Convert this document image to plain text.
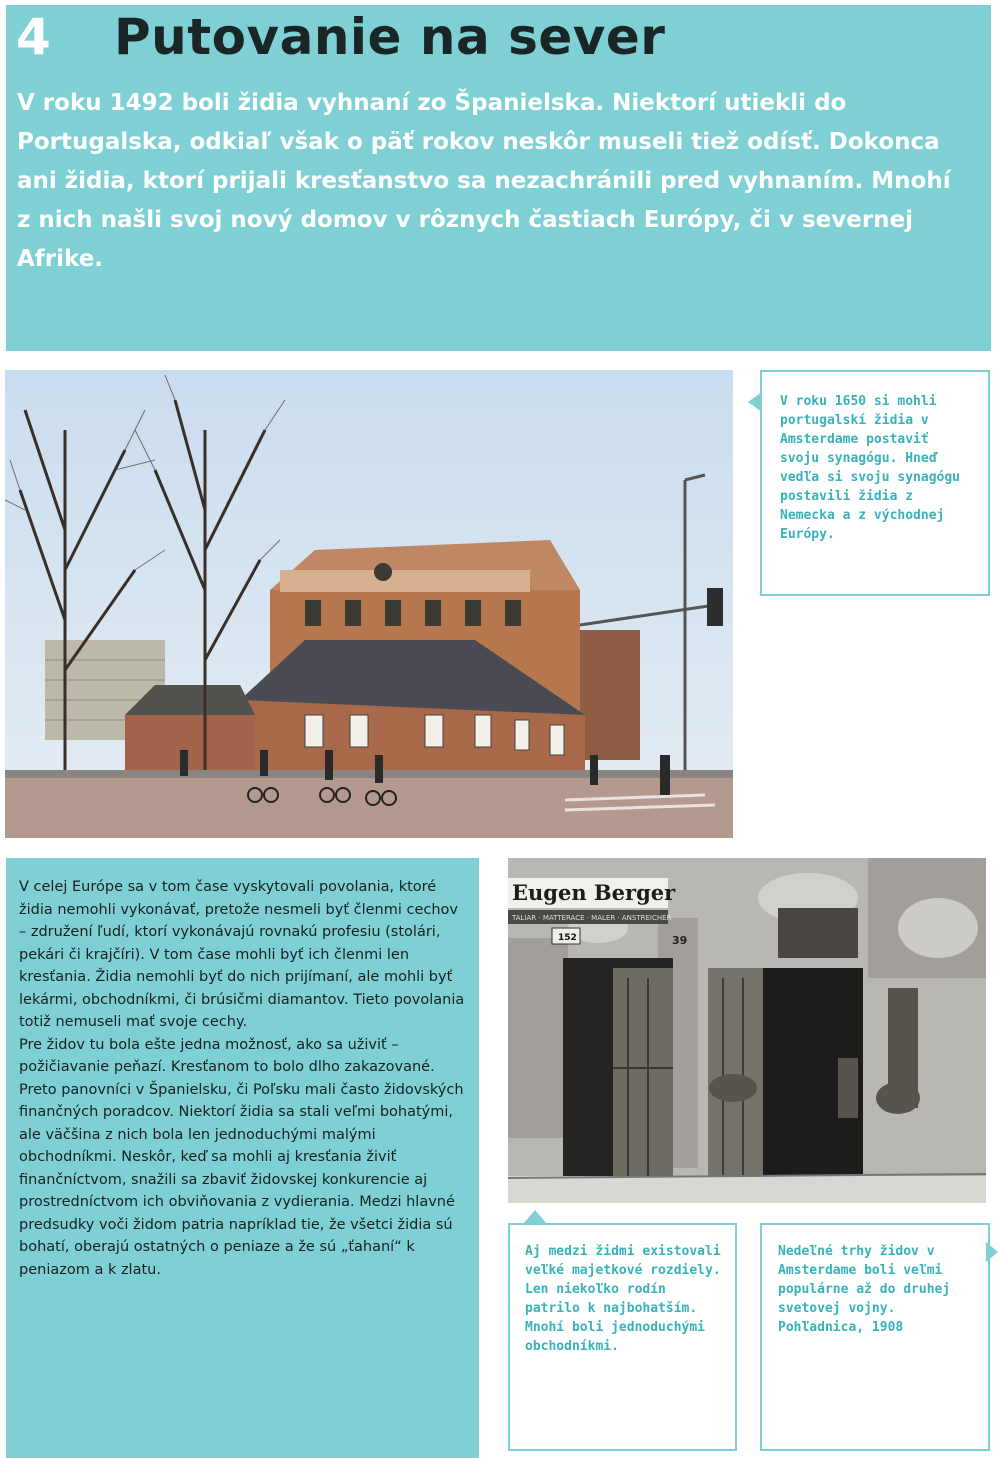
4 Putovanie na sever
V roku 1492 boli židia vyhnaní zo Španielska. Niektorí utiekli do Portugalska, odkiaľ však o päť rokov neskôr museli tiež odísť. Dokonca ani židia, ktorí prijali kresťanstvo sa nezachránili pred vyhnaním. Mnohí z nich našli svoj nový domov v rôznych častiach Európy, či v severnej Afrike.
V roku 1650 si mohli portugalskí židia v Amsterdame postaviť svoju synagógu. Hneď vedľa si svoju synagógu postavili židia z Nemecka a z východnej Európy.

V celej Európe sa v tom čase vyskytovali povolania, ktoré židia nemohli vykonávať, pretože nesmeli byť členmi cechov – združení ľudí, ktorí vykonávajú rovnakú profesiu (stolári, pekári či krajčíri). V tom čase mohli byť ich členmi len kresťania. Židia nemohli byť do nich prijímaní, ale mohli byť lekármi, obchodníkmi, či brúsičmi diamantov. Tieto povolania totiž nemuseli mať svoje cechy.

Pre židov tu bola ešte jedna možnosť, ako sa uživiť – požičiavanie peňazí. Kresťanom to bolo dlho zakazované. Preto panovníci v Španielsku, či Poľsku mali často židovských finančných poradcov. Niektorí židia sa stali veľmi bohatými, ale väčšina z nich bola len jednoduchými malými obchodníkmi. Neskôr, keď sa mohli aj kresťania živiť finančníctvom, snažili sa zbaviť židovskej konkurencie aj prostredníctvom ich obviňovania z vydierania. Medzi hlavné predsudky voči židom patria napríklad tie, že všetci židia sú bohatí, oberajú ostatných o peniaze a že sú „ťahaní“ k peniazom a k zlatu.

Eugen Berger
TALIAR · MATTERACE · MALER · ANSTREICHER
152	39
Aj medzi židmi existovali veľké majetkové rozdiely. Len niekoľko rodín patrilo k najbohatším. Mnohí boli jednoduchými obchodníkmi.
Nedeľné trhy židov v Amsterdame boli veľmi populárne až do druhej svetovej vojny. Pohľadnica, 1908
